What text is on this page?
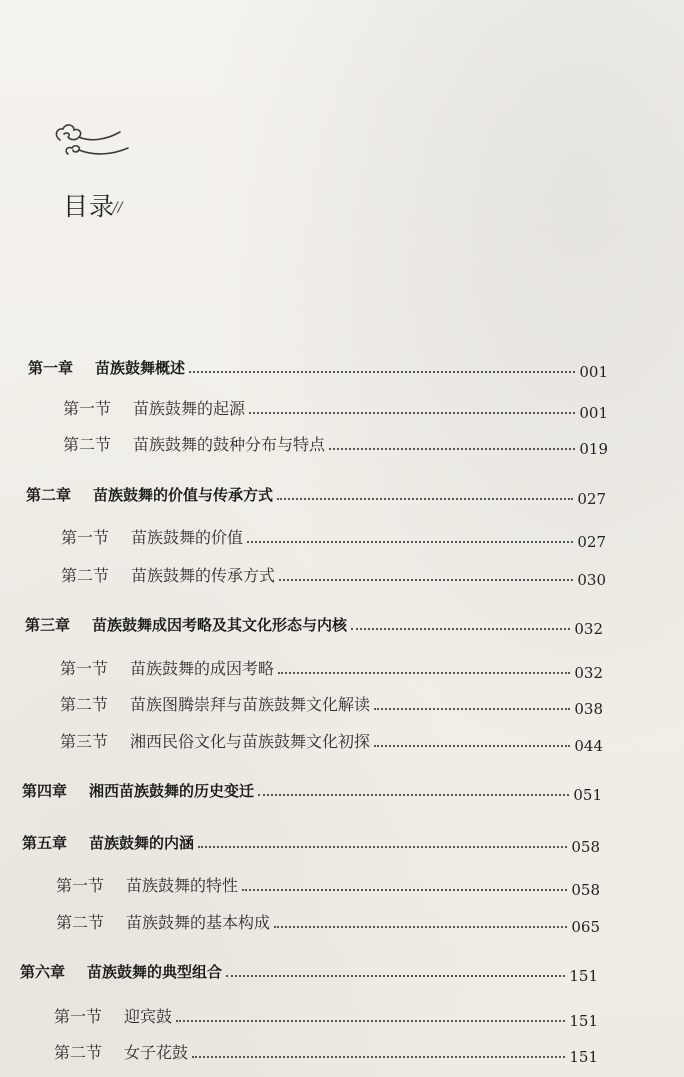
目录
//
第一章 苗族鼓舞概述	001
第一节 苗族鼓舞的起源	001
第二节 苗族鼓舞的鼓种分布与特点	019
第二章 苗族鼓舞的价值与传承方式	027
第一节 苗族鼓舞的价值	027
第二节 苗族鼓舞的传承方式	030
第三章 苗族鼓舞成因考略及其文化形态与内核	032
第一节 苗族鼓舞的成因考略	032
第二节 苗族图腾崇拜与苗族鼓舞文化解读	038
第三节 湘西民俗文化与苗族鼓舞文化初探	044
第四章 湘西苗族鼓舞的历史变迁	051
第五章 苗族鼓舞的内涵	058
第一节 苗族鼓舞的特性	058
第二节 苗族鼓舞的基本构成	065
第六章 苗族鼓舞的典型组合	151
第一节 迎宾鼓	151
第二节 女子花鼓	151
